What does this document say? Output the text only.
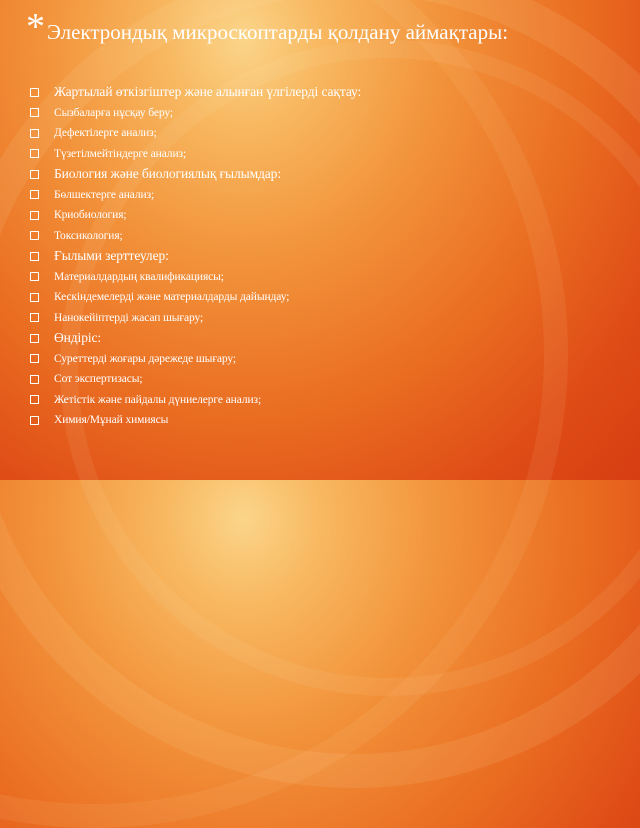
* Электрондық микроскоптарды қолдану аймақтары:
Жартылай өткізгіштер және алынған үлгілерді сақтау:
Сызбаларға нұсқау беру;
Дефектілерге анализ;
Түзетілмейтіндерге анализ;
Биология және биологиялық ғылымдар:
Бөлшектерге анализ;
Криобиология;
Токсикология;
Ғылыми зерттеулер:
Материалдардың квалификациясы;
Кескіндемелерді және материалдарды дайындау;
Нанокейіптерді жасап шығару;
Өндіріс:
Суреттерді жоғары дәрежеде шығару;
Сот экспертизасы;
Жетістік және пайдалы дүниелерге анализ;
Химия/Мұнай химиясы
